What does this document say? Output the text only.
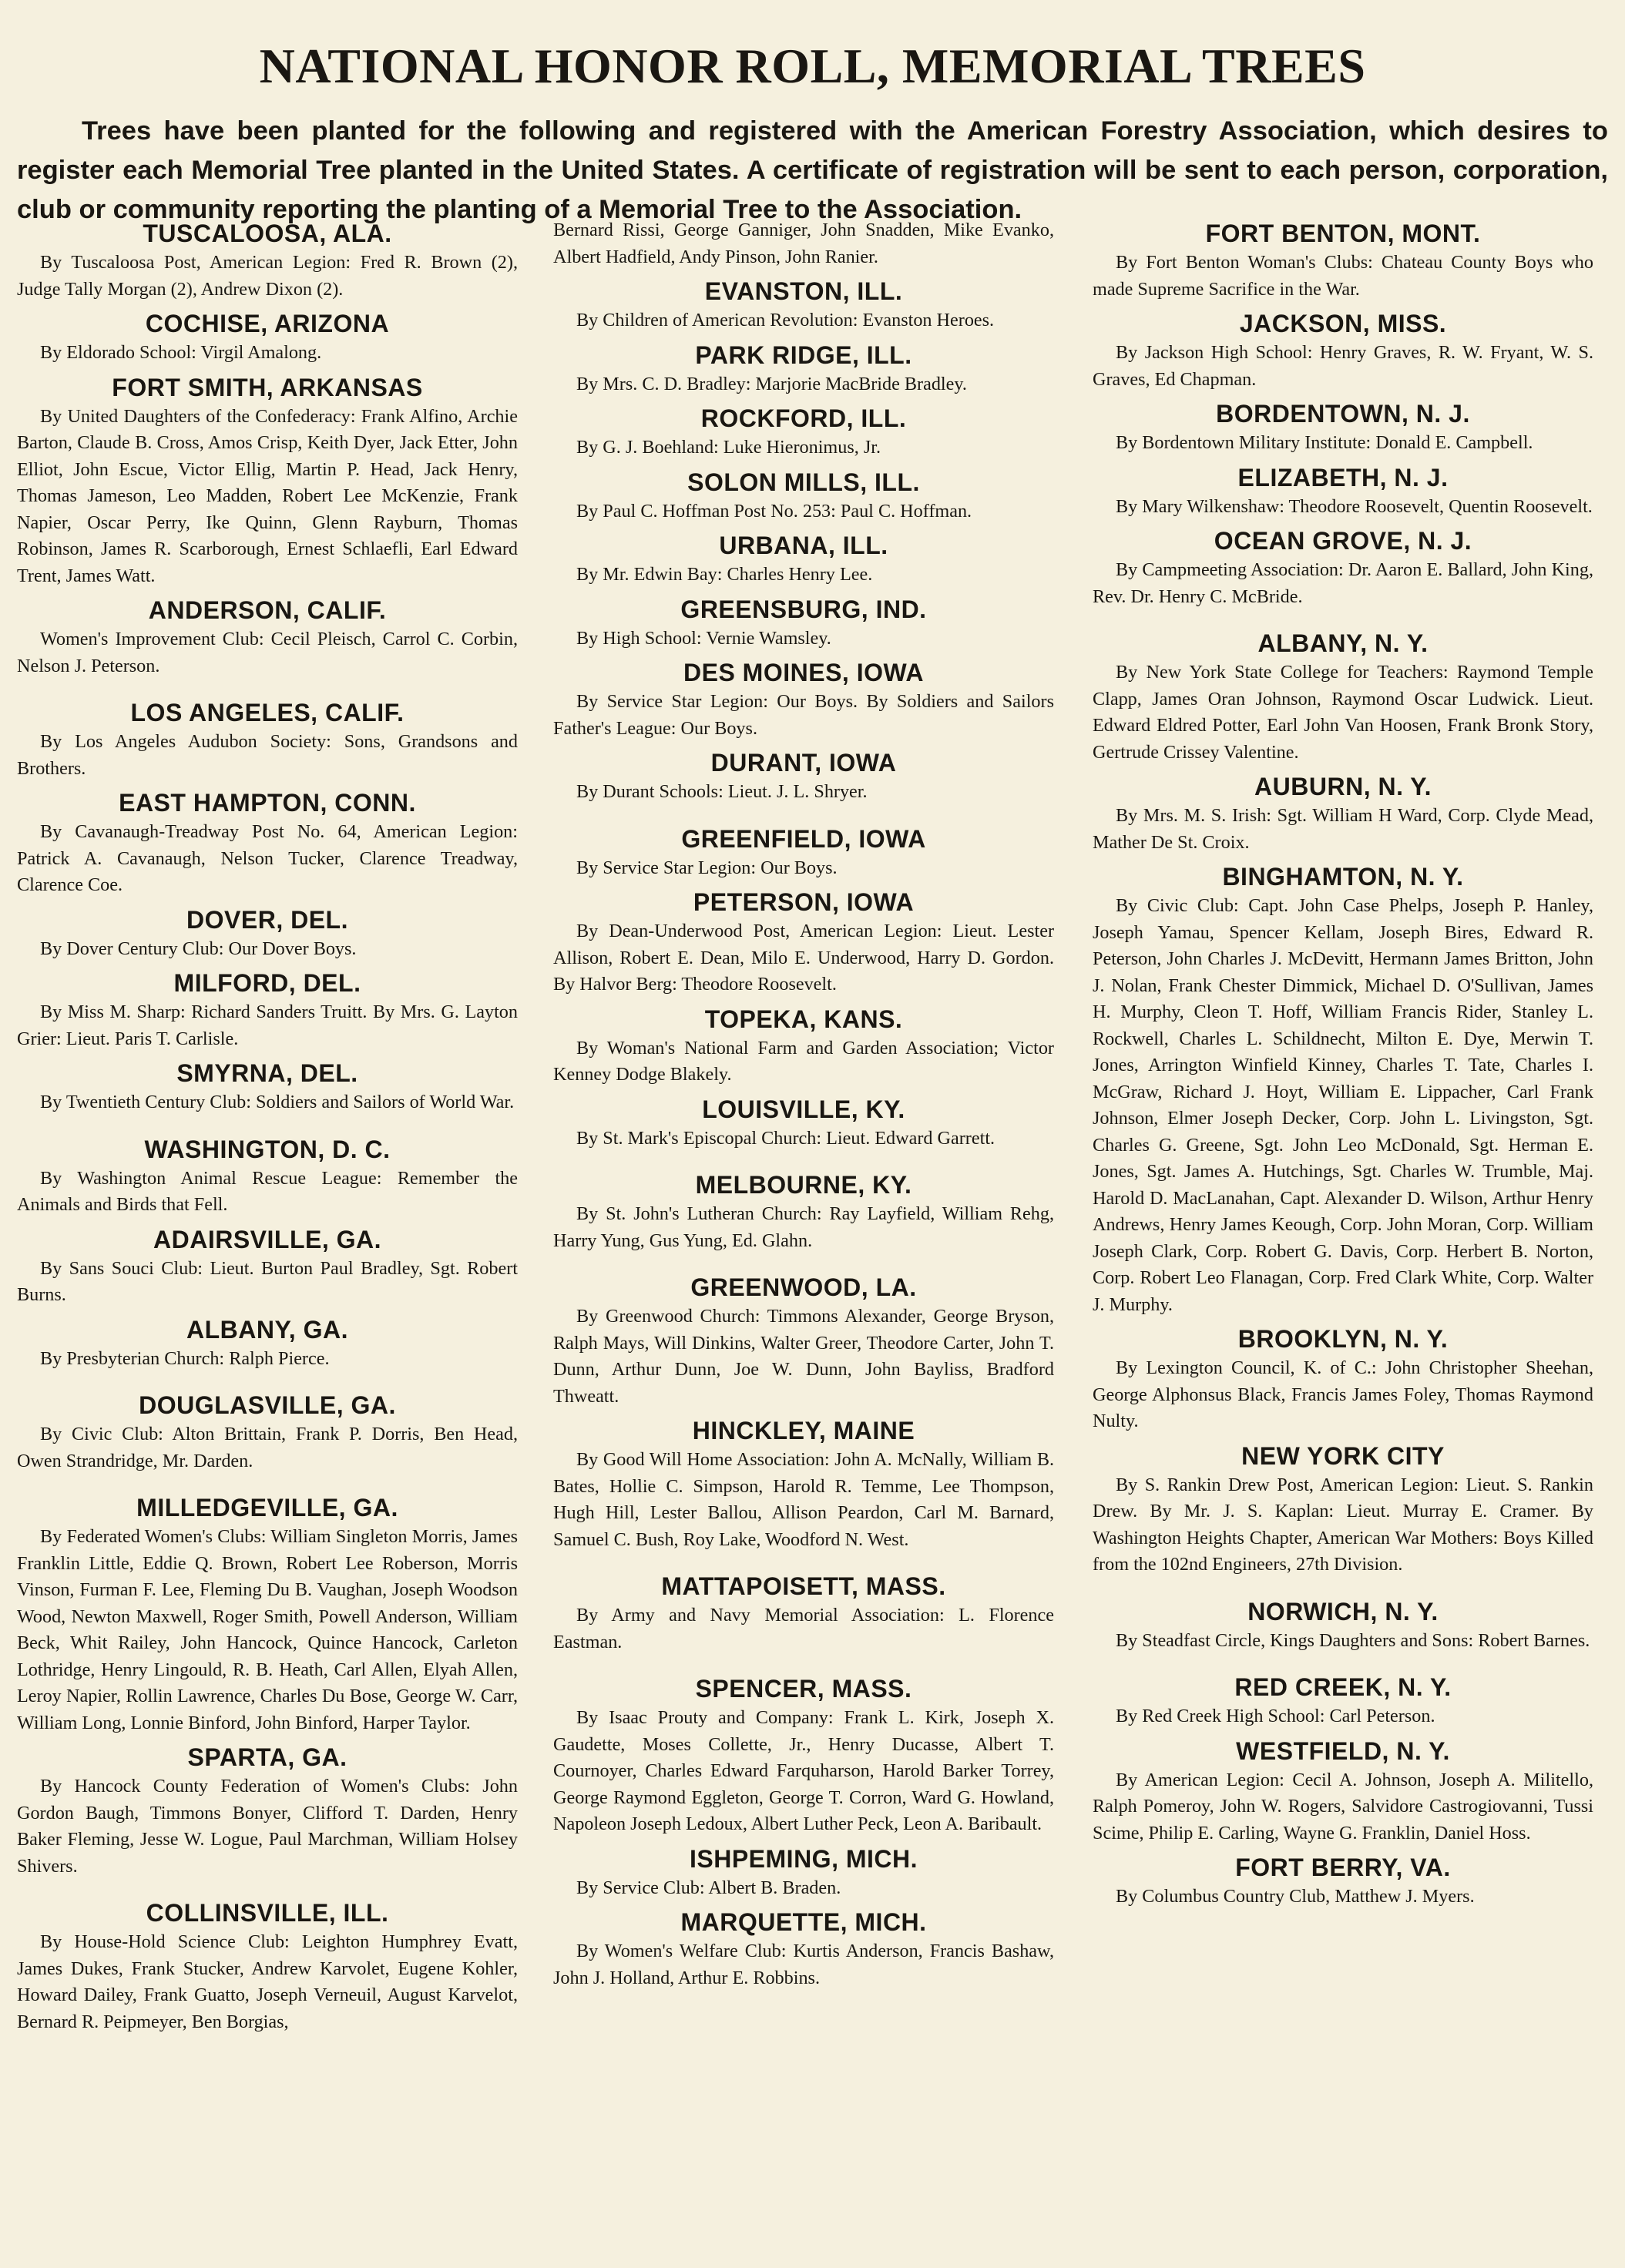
NATIONAL HONOR ROLL, MEMORIAL TREES

Trees have been planted for the following and registered with the American Forestry Association, which desires to register each Memorial Tree planted in the United States. A certificate of registration will be sent to each person, corporation, club or community reporting the planting of a Memorial Tree to the Association.

TUSCALOOSA, ALA.
By Tuscaloosa Post, American Legion: Fred R. Brown (2), Judge Tally Morgan (2), Andrew Dixon (2).
COCHISE, ARIZONA
By Eldorado School: Virgil Amalong.
FORT SMITH, ARKANSAS
By United Daughters of the Confederacy: Frank Alfino, Archie Barton, Claude B. Cross, Amos Crisp, Keith Dyer, Jack Etter, John Elliot, John Escue, Victor Ellig, Martin P. Head, Jack Henry, Thomas Jameson, Leo Madden, Robert Lee McKenzie, Frank Napier, Oscar Perry, Ike Quinn, Glenn Rayburn, Thomas Robinson, James R. Scarborough, Ernest Schlaefli, Earl Edward Trent, James Watt.
ANDERSON, CALIF.
Women's Improvement Club: Cecil Pleisch, Carrol C. Corbin, Nelson J. Peterson.
LOS ANGELES, CALIF.
By Los Angeles Audubon Society: Sons, Grandsons and Brothers.
EAST HAMPTON, CONN.
By Cavanaugh-Treadway Post No. 64, American Legion: Patrick A. Cavanaugh, Nelson Tucker, Clarence Treadway, Clarence Coe.
DOVER, DEL.
By Dover Century Club: Our Dover Boys.
MILFORD, DEL.
By Miss M. Sharp: Richard Sanders Truitt. By Mrs. G. Layton Grier: Lieut. Paris T. Carlisle.
SMYRNA, DEL.
By Twentieth Century Club: Soldiers and Sailors of World War.
WASHINGTON, D. C.
By Washington Animal Rescue League: Remember the Animals and Birds that Fell.
ADAIRSVILLE, GA.
By Sans Souci Club: Lieut. Burton Paul Bradley, Sgt. Robert Burns.
ALBANY, GA.
By Presbyterian Church: Ralph Pierce.
DOUGLASVILLE, GA.
By Civic Club: Alton Brittain, Frank P. Dorris, Ben Head, Owen Strandridge, Mr. Darden.
MILLEDGEVILLE, GA.
By Federated Women's Clubs: William Singleton Morris, James Franklin Little, Eddie Q. Brown, Robert Lee Roberson, Morris Vinson, Furman F. Lee, Fleming Du B. Vaughan, Joseph Woodson Wood, Newton Maxwell, Roger Smith, Powell Anderson, William Beck, Whit Railey, John Hancock, Quince Hancock, Carleton Lothridge, Henry Lingould, R. B. Heath, Carl Allen, Elyah Allen, Leroy Napier, Rollin Lawrence, Charles Du Bose, George W. Carr, William Long, Lonnie Binford, John Binford, Harper Taylor.
SPARTA, GA.
By Hancock County Federation of Women's Clubs: John Gordon Baugh, Timmons Bonyer, Clifford T. Darden, Henry Baker Fleming, Jesse W. Logue, Paul Marchman, William Holsey Shivers.
COLLINSVILLE, ILL.
By House-Hold Science Club: Leighton Humphrey Evatt, James Dukes, Frank Stucker, Andrew Karvolet, Eugene Kohler, Howard Dailey, Frank Guatto, Joseph Verneuil, August Karvelot, Bernard R. Peipmeyer, Ben Borgias,
Bernard Rissi, George Ganniger, John Snadden, Mike Evanko, Albert Hadfield, Andy Pinson, John Ranier.
EVANSTON, ILL.
By Children of American Revolution: Evanston Heroes.
PARK RIDGE, ILL.
By Mrs. C. D. Bradley: Marjorie MacBride Bradley.
ROCKFORD, ILL.
By G. J. Boehland: Luke Hieronimus, Jr.
SOLON MILLS, ILL.
By Paul C. Hoffman Post No. 253: Paul C. Hoffman.
URBANA, ILL.
By Mr. Edwin Bay: Charles Henry Lee.
GREENSBURG, IND.
By High School: Vernie Wamsley.
DES MOINES, IOWA
By Service Star Legion: Our Boys. By Soldiers and Sailors Father's League: Our Boys.
DURANT, IOWA
By Durant Schools: Lieut. J. L. Shryer.
GREENFIELD, IOWA
By Service Star Legion: Our Boys.
PETERSON, IOWA
By Dean-Underwood Post, American Legion: Lieut. Lester Allison, Robert E. Dean, Milo E. Underwood, Harry D. Gordon. By Halvor Berg: Theodore Roosevelt.
TOPEKA, KANS.
By Woman's National Farm and Garden Association; Victor Kenney Dodge Blakely.
LOUISVILLE, KY.
By St. Mark's Episcopal Church: Lieut. Edward Garrett.
MELBOURNE, KY.
By St. John's Lutheran Church: Ray Layfield, William Rehg, Harry Yung, Gus Yung, Ed. Glahn.
GREENWOOD, LA.
By Greenwood Church: Timmons Alexander, George Bryson, Ralph Mays, Will Dinkins, Walter Greer, Theodore Carter, John T. Dunn, Arthur Dunn, Joe W. Dunn, John Bayliss, Bradford Thweatt.
HINCKLEY, MAINE
By Good Will Home Association: John A. McNally, William B. Bates, Hollie C. Simpson, Harold R. Temme, Lee Thompson, Hugh Hill, Lester Ballou, Allison Peardon, Carl M. Barnard, Samuel C. Bush, Roy Lake, Woodford N. West.
MATTAPOISETT, MASS.
By Army and Navy Memorial Association: L. Florence Eastman.
SPENCER, MASS.
By Isaac Prouty and Company: Frank L. Kirk, Joseph X. Gaudette, Moses Collette, Jr., Henry Ducasse, Albert T. Cournoyer, Charles Edward Farquharson, Harold Barker Torrey, George Raymond Eggleton, George T. Corron, Ward G. Howland, Napoleon Joseph Ledoux, Albert Luther Peck, Leon A. Baribault.
ISHPEMING, MICH.
By Service Club: Albert B. Braden.
MARQUETTE, MICH.
By Women's Welfare Club: Kurtis Anderson, Francis Bashaw, John J. Holland, Arthur E. Robbins.
FORT BENTON, MONT.
By Fort Benton Woman's Clubs: Chateau County Boys who made Supreme Sacrifice in the War.
JACKSON, MISS.
By Jackson High School: Henry Graves, R. W. Fryant, W. S. Graves, Ed Chapman.
BORDENTOWN, N. J.
By Bordentown Military Institute: Donald E. Campbell.
ELIZABETH, N. J.
By Mary Wilkenshaw: Theodore Roosevelt, Quentin Roosevelt.
OCEAN GROVE, N. J.
By Campmeeting Association: Dr. Aaron E. Ballard, John King, Rev. Dr. Henry C. McBride.
ALBANY, N. Y.
By New York State College for Teachers: Raymond Temple Clapp, James Oran Johnson, Raymond Oscar Ludwick. Lieut. Edward Eldred Potter, Earl John Van Hoosen, Frank Bronk Story, Gertrude Crissey Valentine.
AUBURN, N. Y.
By Mrs. M. S. Irish: Sgt. William H Ward, Corp. Clyde Mead, Mather De St. Croix.
BINGHAMTON, N. Y.
By Civic Club: Capt. John Case Phelps, Joseph P. Hanley, Joseph Yamau, Spencer Kellam, Joseph Bires, Edward R. Peterson, John Charles J. McDevitt, Hermann James Britton, John J. Nolan, Frank Chester Dimmick, Michael D. O'Sullivan, James H. Murphy, Cleon T. Hoff, William Francis Rider, Stanley L. Rockwell, Charles L. Schildnecht, Milton E. Dye, Merwin T. Jones, Arrington Winfield Kinney, Charles T. Tate, Charles I. McGraw, Richard J. Hoyt, William E. Lippacher, Carl Frank Johnson, Elmer Joseph Decker, Corp. John L. Livingston, Sgt. Charles G. Greene, Sgt. John Leo McDonald, Sgt. Herman E. Jones, Sgt. James A. Hutchings, Sgt. Charles W. Trumble, Maj. Harold D. MacLanahan, Capt. Alexander D. Wilson, Arthur Henry Andrews, Henry James Keough, Corp. John Moran, Corp. William Joseph Clark, Corp. Robert G. Davis, Corp. Herbert B. Norton, Corp. Robert Leo Flanagan, Corp. Fred Clark White, Corp. Walter J. Murphy.
BROOKLYN, N. Y.
By Lexington Council, K. of C.: John Christopher Sheehan, George Alphonsus Black, Francis James Foley, Thomas Raymond Nulty.
NEW YORK CITY
By S. Rankin Drew Post, American Legion: Lieut. S. Rankin Drew. By Mr. J. S. Kaplan: Lieut. Murray E. Cramer. By Washington Heights Chapter, American War Mothers: Boys Killed from the 102nd Engineers, 27th Division.
NORWICH, N. Y.
By Steadfast Circle, Kings Daughters and Sons: Robert Barnes.
RED CREEK, N. Y.
By Red Creek High School: Carl Peterson.
WESTFIELD, N. Y.
By American Legion: Cecil A. Johnson, Joseph A. Militello, Ralph Pomeroy, John W. Rogers, Salvidore Castrogiovanni, Tussi Scime, Philip E. Carling, Wayne G. Franklin, Daniel Hoss.
FORT BERRY, VA.
By Columbus Country Club, Matthew J. Myers.
